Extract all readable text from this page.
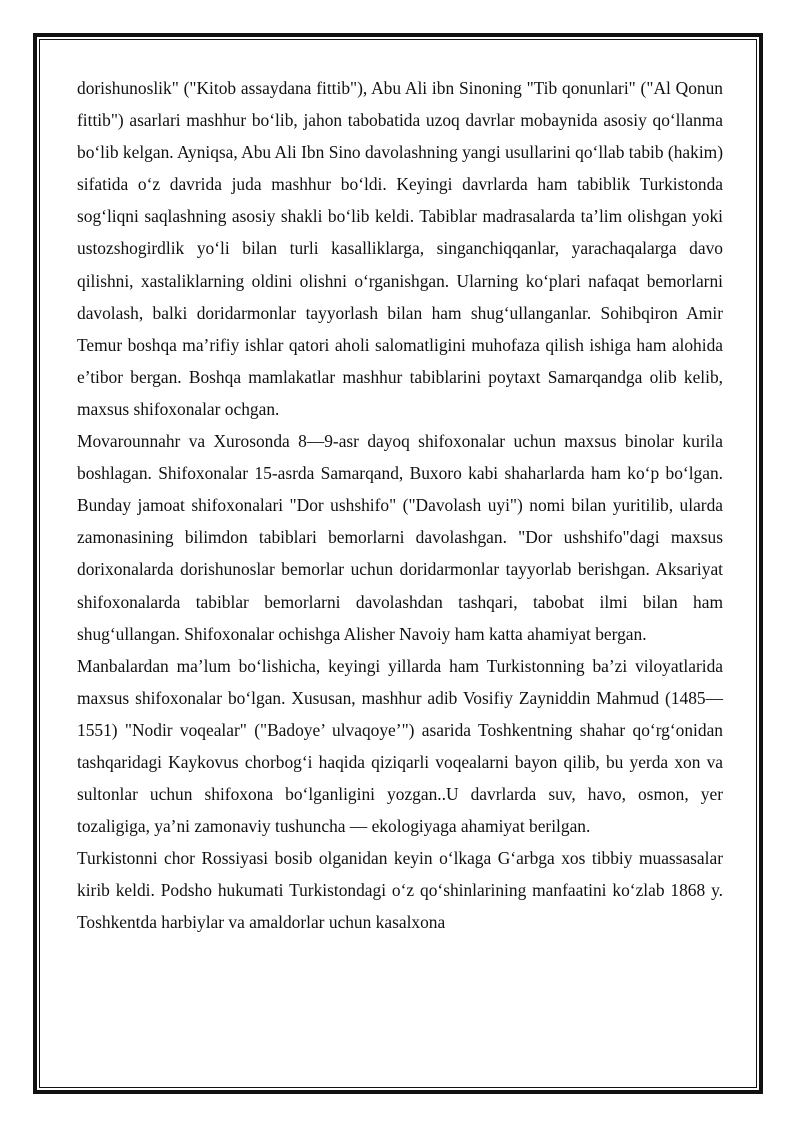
dorishunoslik" ("Kitob assaydana fittib"), Abu Ali ibn Sinoning "Tib qonunlari" ("Al Qonun fittib") asarlari mashhur bo‘lib, jahon tabobatida uzoq davrlar mobaynida asosiy qo‘llanma bo‘lib kelgan. Ayniqsa, Abu Ali Ibn Sino davolashning yangi usullarini qo‘llab tabib (hakim) sifatida o‘z davrida juda mashhur bo‘ldi. Keyingi davrlarda ham tabiblik Turkistonda sog‘liqni saqlashning asosiy shakli bo‘lib keldi. Tabiblar madrasalarda ta’lim olishgan yoki ustozshogirdlik yo‘li bilan turli kasalliklarga, singanchiqqanlar, yarachaqalarga davo qilishni, xastaliklarning oldini olishni o‘rganishgan. Ularning ko‘plari nafaqat bemorlarni davolash, balki doridarmonlar tayyorlash bilan ham shug‘ullanganlar. Sohibqiron Amir Temur boshqa ma’rifiy ishlar qatori aholi salomatligini muhofaza qilish ishiga ham alohida e’tibor bergan. Boshqa mamlakatlar mashhur tabiblarini poytaxt Samarqandga olib kelib, maxsus shifoxonalar ochgan.

Movarounnahr va Xurosonda 8—9-asr dayoq shifoxonalar uchun maxsus binolar kurila boshlagan. Shifoxonalar 15-asrda Samarqand, Buxoro kabi shaharlarda ham ko‘p bo‘lgan. Bunday jamoat shifoxonalari "Dor ushshifo" ("Davolash uyi") nomi bilan yuritilib, ularda zamonasining bilimdon tabiblari bemorlarni davolashgan. "Dor ushshifo"dagi maxsus dorixonalarda dorishunoslar bemorlar uchun doridarmonlar tayyorlab berishgan. Aksariyat shifoxonalarda tabiblar bemorlarni davolashdan tashqari, tabobat ilmi bilan ham shug‘ullangan. Shifoxonalar ochishga Alisher Navoiy ham katta ahamiyat bergan.

Manbalardan ma’lum bo‘lishicha, keyingi yillarda ham Turkistonning ba’zi viloyatlarida maxsus shifoxonalar bo‘lgan. Xususan, mashhur adib Vosifiy Zayniddin Mahmud (1485— 1551) "Nodir voqealar" ("Badoye’ ulvaqoye’") asarida Toshkentning shahar qo‘rg‘onidan tashqaridagi Kaykovus chorbog‘i haqida qiziqarli voqealarni bayon qilib, bu yerda xon va sultonlar uchun shifoxona bo‘lganligini yozgan..U davrlarda suv, havo, osmon, yer tozaligiga, ya’ni zamonaviy tushuncha — ekologiyaga ahamiyat berilgan.

Turkistonni chor Rossiyasi bosib olganidan keyin o‘lkaga G‘arbga xos tibbiy muassasalar kirib keldi. Podsho hukumati Turkistondagi o‘z qo‘shinlarining manfaatini ko‘zlab 1868 y. Toshkentda harbiylar va amaldorlar uchun kasalxona
